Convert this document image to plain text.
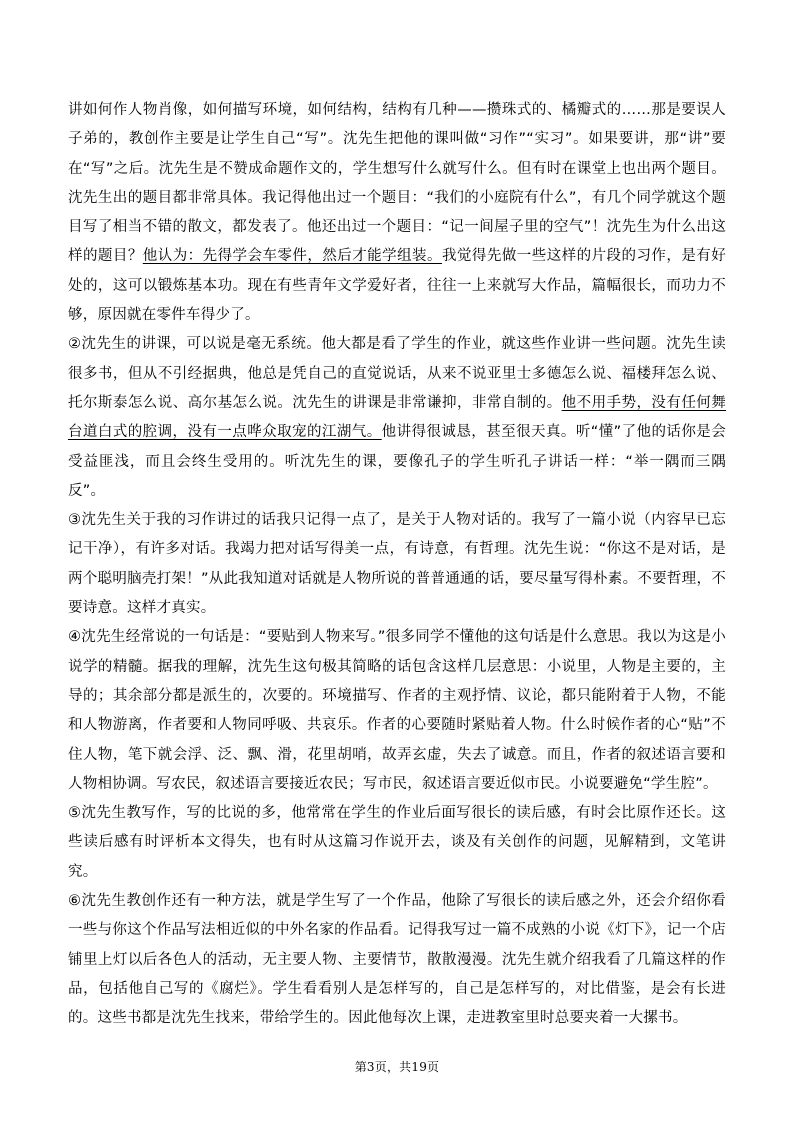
讲如何作人物肖像，如何描写环境，如何结构，结构有几种——攒珠式的、橘瓣式的……那是要误人子弟的，教创作主要是让学生自己“写”。沈先生把他的课叫做“习作”“实习”。如果要讲，那“讲”要在“写”之后。沈先生是不赞成命题作文的，学生想写什么就写什么。但有时在课堂上也出两个题目。沈先生出的题目都非常具体。我记得他出过一个题目：“我们的小庭院有什么”，有几个同学就这个题目写了相当不错的散文，都发表了。他还出过一个题目：“记一间屋子里的空气”！沈先生为什么出这样的题目？他认为：先得学会车零件，然后才能学组装。我觉得先做一些这样的片段的习作，是有好处的，这可以锻炼基本功。现在有些青年文学爱好者，往往一上来就写大作品，篇幅很长，而功力不够，原因就在零件车得少了。

②沈先生的讲课，可以说是毫无系统。他大都是看了学生的作业，就这些作业讲一些问题。沈先生读很多书，但从不引经据典，他总是凭自己的直觉说话，从来不说亚里士多德怎么说、福楼拜怎么说、托尔斯泰怎么说、高尔基怎么说。沈先生的讲课是非常谦抑，非常自制的。他不用手势，没有任何舞台道白式的腔调，没有一点哗众取宠的江湖气。他讲得很诚恳，甚至很天真。听“懂”了他的话你是会受益匪浅，而且会终生受用的。听沈先生的课，要像孔子的学生听孔子讲话一样：“举一隅而三隅反”。

③沈先生关于我的习作讲过的话我只记得一点了，是关于人物对话的。我写了一篇小说（内容早已忘记干净），有许多对话。我竭力把对话写得美一点，有诗意，有哲理。沈先生说：“你这不是对话，是两个聪明脑壳打架！”从此我知道对话就是人物所说的普普通通的话，要尽量写得朴素。不要哲理，不要诗意。这样才真实。

④沈先生经常说的一句话是：“要贴到人物来写。”很多同学不懂他的这句话是什么意思。我以为这是小说学的精髓。据我的理解，沈先生这句极其简略的话包含这样几层意思：小说里，人物是主要的，主导的；其余部分都是派生的，次要的。环境描写、作者的主观抒情、议论，都只能附着于人物，不能和人物游离，作者要和人物同呼吸、共哀乐。作者的心要随时紧贴着人物。什么时候作者的心“贴”不住人物，笔下就会浮、泛、飘、滑，花里胡哨，故弄玄虚，失去了诚意。而且，作者的叙述语言要和人物相协调。写农民，叙述语言要接近农民；写市民，叙述语言要近似市民。小说要避免“学生腔”。

⑤沈先生教写作，写的比说的多，他常常在学生的作业后面写很长的读后感，有时会比原作还长。这些读后感有时评析本文得失，也有时从这篇习作说开去，谈及有关创作的问题，见解精到，文笔讲究。

⑥沈先生教创作还有一种方法，就是学生写了一个作品，他除了写很长的读后感之外，还会介绍你看一些与你这个作品写法相近似的中外名家的作品看。记得我写过一篇不成熟的小说《灯下》，记一个店铺里上灯以后各色人的活动，无主要人物、主要情节，散散漫漫。沈先生就介绍我看了几篇这样的作品，包括他自己写的《腐烂》。学生看看别人是怎样写的，自己是怎样写的，对比借鉴，是会有长进的。这些书都是沈先生找来，带给学生的。因此他每次上课，走进教室里时总要夹着一大摞书。

第3页，共19页
